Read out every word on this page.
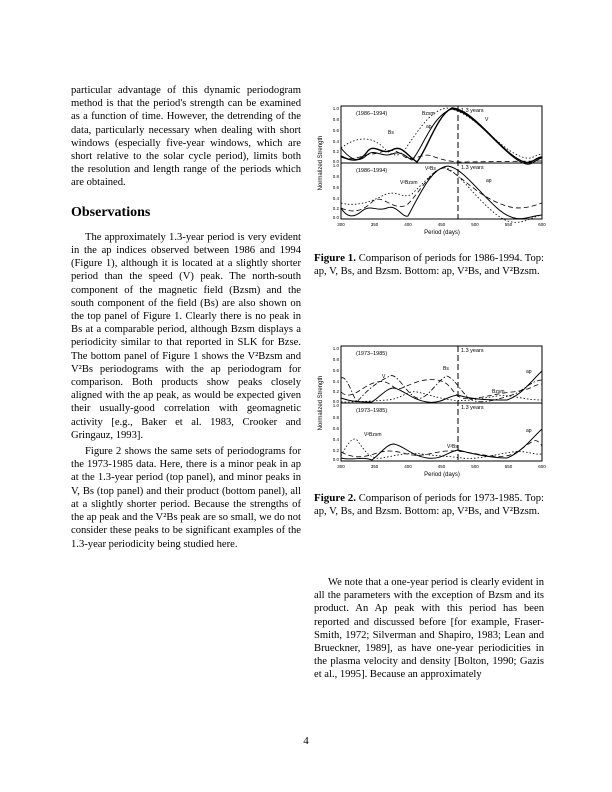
particular advantage of this dynamic periodogram method is that the period's strength can be examined as a function of time. However, the detrending of the data, particularly necessary when dealing with short windows (especially five-year windows, which are short relative to the solar cycle period), limits both the resolution and length range of the periods which are obtained.

Observations

The approximately 1.3-year period is very evident in the ap indices observed between 1986 and 1994 (Figure 1), although it is located at a slightly shorter period than the speed (V) peak. The north-south component of the magnetic field (Bzsm) and the south component of the field (Bs) are also shown on the top panel of Figure 1. Clearly there is no peak in Bs at a comparable period, although Bzsm displays a periodicity similar to that reported in SLK for Bzse. The bottom panel of Figure 1 shows the V²Bzsm and V²Bs periodograms with the ap periodogram for comparison. Both products show peaks closely aligned with the ap peak, as would be expected given their usually-good correlation with geomagnetic activity [e.g., Baker et al. 1983, Crooker and Gringauz, 1993].

Figure 2 shows the same sets of periodograms for the 1973-1985 data. Here, there is a minor peak in ap at the 1.3-year period (top panel), and minor peaks in V, Bs (top panel) and their product (bottom panel), all at a slightly shorter period. Because the strengths of the ap peak and the V²Bs peak are so small, we do not consider these peaks to be significant examples of the 1.3-year periodicity being studied here.

1.0
0.8
0.6
0.4
0.2
0.0
1.0
0.8
0.6
0.4
0.2
0.0
300	350	400	450	500	550	600
Period (days)
Normalized Strength
(1986–1994)
(1986–1994)
1.3 years
1.3 years
Bzsm
ap
V
Bs
V²Bs
V²Bzsm	ap
Figure 1. Comparison of periods for 1986-1994. Top: ap, V, Bs, and Bzsm. Bottom: ap, V²Bs, and V²Bzsm.
1.0
0.8
0.6
0.4
0.2
0.0
1.0
0.8
0.6
0.4
0.2
0.0
300	350	400	450	500	550	600
Period (days)
Normalized Strength
(1973–1985)
(1973–1985)
1.3 years
1.3 years
Bs
V
Bzsm
ap
V²Bzsm
V²Bs
ap
Figure 2. Comparison of periods for 1973-1985. Top: ap, V, Bs, and Bzsm. Bottom: ap, V²Bs, and V²Bzsm.

We note that a one-year period is clearly evident in all the parameters with the exception of Bzsm and its product. An Ap peak with this period has been reported and discussed before [for example, Fraser-Smith, 1972; Silverman and Shapiro, 1983; Lean and Brueckner, 1989], as have one-year periodicities in the plasma velocity and density [Bolton, 1990; Gazis et al., 1995]. Because an approximately

4
